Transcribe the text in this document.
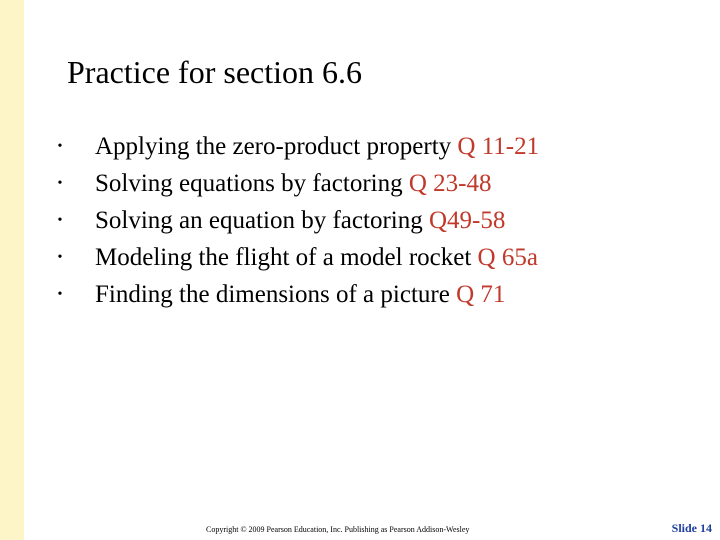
Practice for section 6.6
• Applying the zero-product property Q 11-21
• Solving equations by factoring Q 23-48
• Solving an equation by factoring Q49-58
• Modeling the flight of a model rocket Q 65a
• Finding the dimensions of a picture Q 71
Copyright © 2009 Pearson Education, Inc. Publishing as Pearson Addison-Wesley	Slide 14
